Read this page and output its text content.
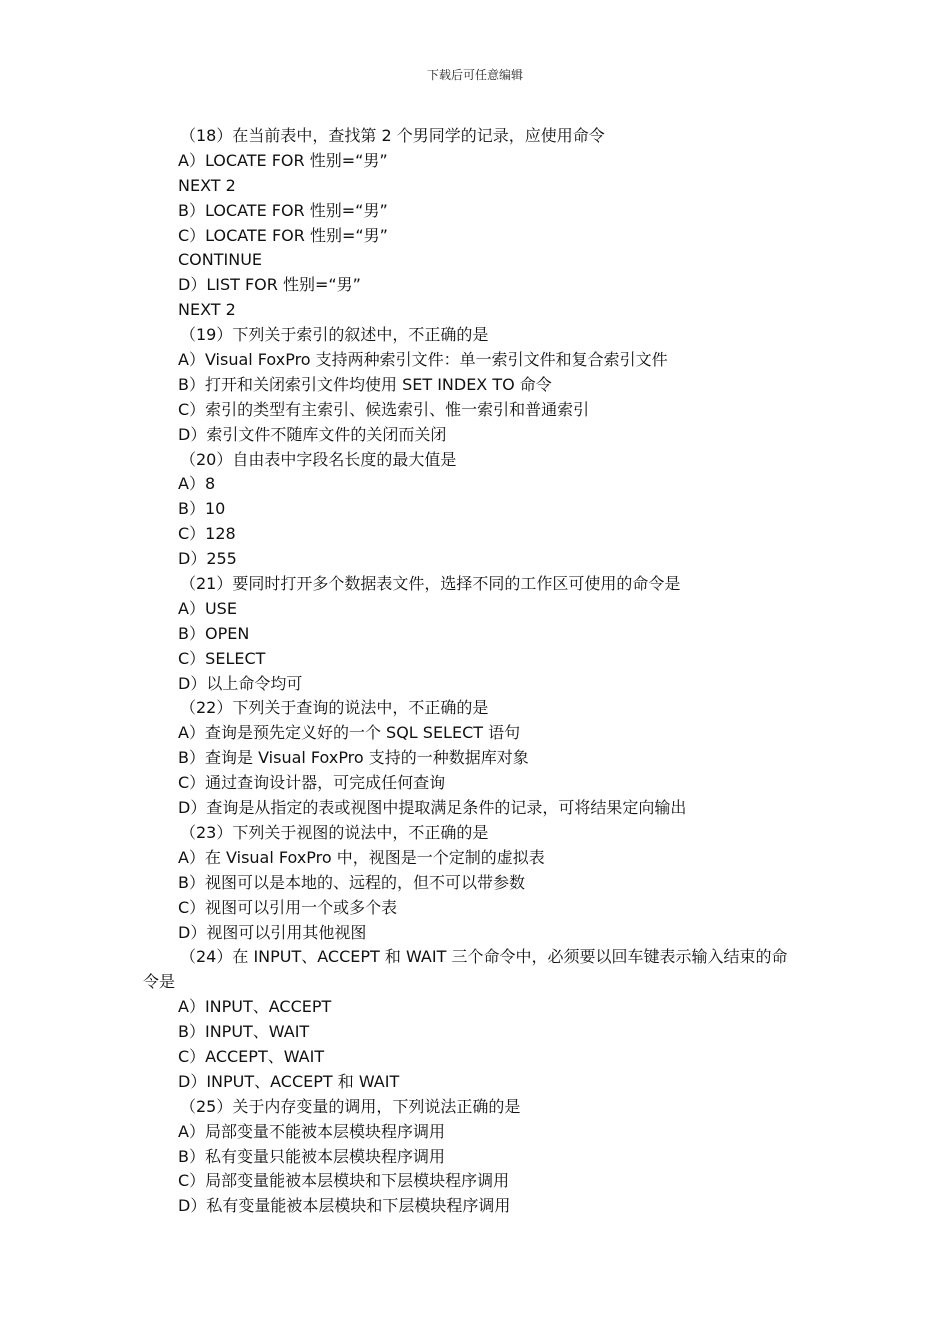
下载后可任意编辑
（18）在当前表中，查找第 2 个男同学的记录，应使用命令
A）LOCATE FOR 性别=“男”
NEXT 2
B）LOCATE FOR 性别=“男”
C）LOCATE FOR 性别=“男”
CONTINUE
D）LIST FOR 性别=“男”
NEXT 2
（19）下列关于索引的叙述中，不正确的是
A）Visual FoxPro 支持两种索引文件：单一索引文件和复合索引文件
B）打开和关闭索引文件均使用 SET INDEX TO 命令
C）索引的类型有主索引、候选索引、惟一索引和普通索引
D）索引文件不随库文件的关闭而关闭
（20）自由表中字段名长度的最大值是
A）8
B）10
C）128
D）255
（21）要同时打开多个数据表文件，选择不同的工作区可使用的命令是
A）USE
B）OPEN
C）SELECT
D）以上命令均可
（22）下列关于查询的说法中，不正确的是
A）查询是预先定义好的一个 SQL SELECT 语句
B）查询是 Visual FoxPro 支持的一种数据库对象
C）通过查询设计器，可完成任何查询
D）查询是从指定的表或视图中提取满足条件的记录，可将结果定向输出
（23）下列关于视图的说法中，不正确的是
A）在 Visual FoxPro 中，视图是一个定制的虚拟表
B）视图可以是本地的、远程的，但不可以带参数
C）视图可以引用一个或多个表
D）视图可以引用其他视图
（24）在 INPUT、ACCEPT 和 WAIT 三个命令中，必须要以回车键表示输入结束的命
令是
A）INPUT、ACCEPT
B）INPUT、WAIT
C）ACCEPT、WAIT
D）INPUT、ACCEPT 和 WAIT
（25）关于内存变量的调用，下列说法正确的是
A）局部变量不能被本层模块程序调用
B）私有变量只能被本层模块程序调用
C）局部变量能被本层模块和下层模块程序调用
D）私有变量能被本层模块和下层模块程序调用
